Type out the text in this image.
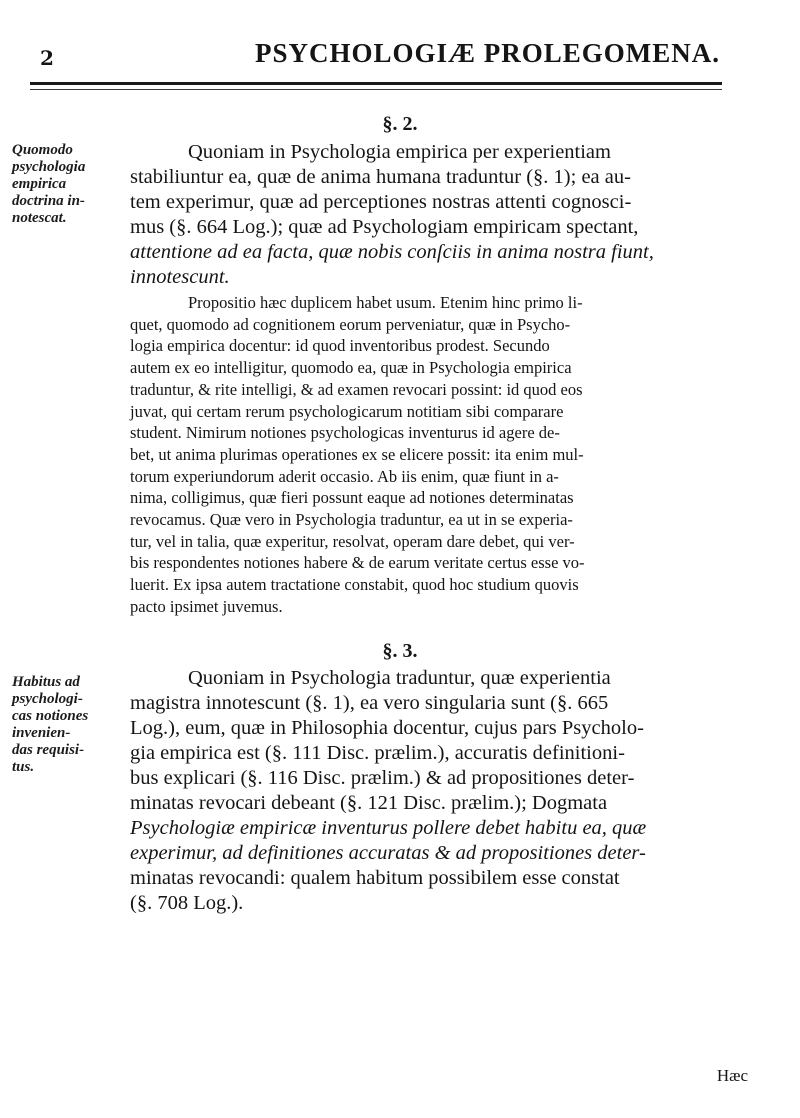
2	PSYCHOLOGIÆ PROLEGOMENA.
§. 2.
Quomodo
psychologia
empirica
doctrina in-
notescat.
Quoniam in Psychologia empirica per experientiam
stabiliuntur ea, quæ de anima humana traduntur (§. 1); ea au-
tem experimur, quæ ad perceptiones nostras attenti cognosci-
mus (§. 664 Log.); quæ ad Psychologiam empiricam spectant,
attentione ad ea facta, quæ nobis conſciis in anima nostra fiunt,
innotescunt.
Propositio hæc duplicem habet usum. Etenim hinc primo li-
quet, quomodo ad cognitionem eorum perveniatur, quæ in Psycho-
logia empirica docentur: id quod inventoribus prodest. Secundo
autem ex eo intelligitur, quomodo ea, quæ in Psychologia empirica
traduntur, & rite intelligi, & ad examen revocari possint: id quod eos
juvat, qui certam rerum psychologicarum notitiam sibi comparare
student. Nimirum notiones psychologicas inventurus id agere de-
bet, ut anima plurimas operationes ex se elicere possit: ita enim mul-
torum experiundorum aderit occasio. Ab iis enim, quæ fiunt in a-
nima, colligimus, quæ fieri possunt eaque ad notiones determinatas
revocamus. Quæ vero in Psychologia traduntur, ea ut in se experia-
tur, vel in talia, quæ experitur, resolvat, operam dare debet, qui ver-
bis respondentes notiones habere & de earum veritate certus esse vo-
luerit. Ex ipsa autem tractatione constabit, quod hoc studium quovis
pacto ipsimet juvemus.
§. 3.
Habitus ad
psychologi-
cas notiones
invenien-
das requisi-
tus.
Quoniam in Psychologia traduntur, quæ experientia
magistra innotescunt (§. 1), ea vero singularia sunt (§. 665
Log.), eum, quæ in Philosophia docentur, cujus pars Psycholo-
gia empirica est (§. 111 Disc. prælim.), accuratis definitioni-
bus explicari (§. 116 Disc. prælim.) & ad propositiones deter-
minatas revocari debeant (§. 121 Disc. prælim.); Dogmata
Psychologiæ empiricæ inventurus pollere debet habitu ea, quæ
experimur, ad definitiones accuratas & ad propositiones deter-
minatas revocandi: qualem habitum possibilem esse constat
(§. 708 Log.).
Hæc
